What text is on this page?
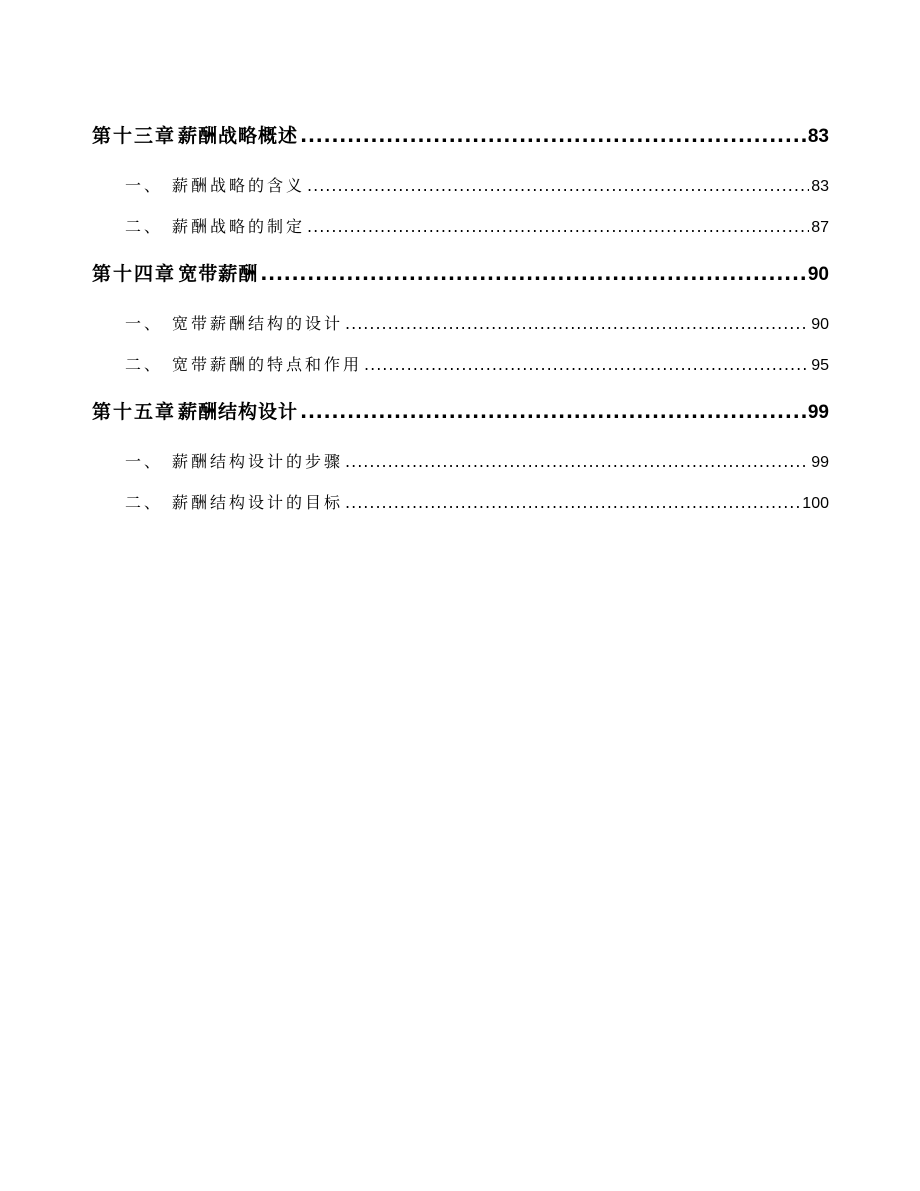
第十三章 薪酬战略概述 .....	83
一、 薪酬战略的含义 .....	83
二、 薪酬战略的制定 .....	87
第十四章 宽带薪酬 .....	90
一、 宽带薪酬结构的设计 .....	90
二、 宽带薪酬的特点和作用 .....	95
第十五章 薪酬结构设计 .....	99
一、 薪酬结构设计的步骤 .....	99
二、 薪酬结构设计的目标 .....	100
